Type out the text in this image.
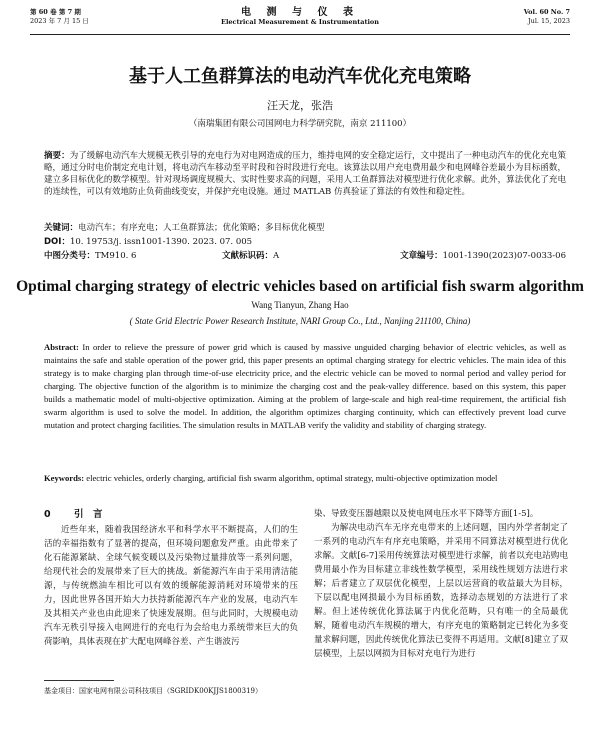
第 60 卷 第 7 期
2023 年 7 月 15 日
电 测 与 仪 表
Electrical Measurement & Instrumentation
Vol. 60 No. 7
Jul. 15, 2023
基于人工鱼群算法的电动汽车优化充电策略
汪天龙，张浩
（南瑞集团有限公司国网电力科学研究院，南京 211100）
摘要：为了缓解电动汽车大规模无秩引导的充电行为对电网造成的压力，维持电网的安全稳定运行，文中提出了一种电动汽车的优化充电策略，通过分时电价制定充电计划，将电动汽车移动至平时段和谷时段进行充电。该算法以用户充电费用最少和电网峰谷差最小为目标函数，建立多目标优化的数学模型。针对现场调度规模大、实时性要求高的问题，采用人工鱼群算法对模型进行优化求解。此外，算法优化了充电的连续性，可以有效地防止负荷曲线变安，并保护充电设施。通过 MATLAB 仿真验证了算法的有效性和稳定性。
关键词：电动汽车；有序充电；人工鱼群算法；优化策略；多目标优化模型
DOI：10. 19753/j. issn1001-1390. 2023. 07. 005
中图分类号：TM910. 6	文献标识码：A	文章编号：1001-1390(2023)07-0033-06
Optimal charging strategy of electric vehicles based on artificial fish swarm algorithm
Wang Tianyun, Zhang Hao
( State Grid Electric Power Research Institute, NARI Group Co., Ltd., Nanjing 211100, China)
Abstract: In order to relieve the pressure of power grid which is caused by massive unguided charging behavior of electric vehicles, as well as maintains the safe and stable operation of the power grid, this paper presents an optimal charging strategy for electric vehicles. The main idea of this strategy is to make charging plan through time-of-use electricity price, and the electric vehicle can be moved to normal period and valley period for charging. The objective function of the algorithm is to minimize the charging cost and the peak-valley difference. based on this system, this paper builds a mathematic model of multi-objective optimization. Aiming at the problem of large-scale and high real-time requirement, the artificial fish swarm algorithm is used to solve the model. In addition, the algorithm optimizes charging continuity, which can effectively prevent load curve mutation and protect charging facilities. The simulation results in MATLAB verify the validity and stability of charging strategy.
Keywords: electric vehicles, orderly charging, artificial fish swarm algorithm, optimal strategy, multi-objective optimization model
0 引　言

近些年来，随着我国经济水平和科学水平不断提高，人们的生活的幸福指数有了显著的提高，但环境问题愈发严重。由此带来了化石能源紧缺、全球气候变暖以及污染物过量排放等一系列问题，给现代社会的发展带来了巨大的挑战。新能源汽车由于采用清洁能源，与传统燃油车相比可以有效的缓解能源消耗对环境带来的压力，因此世界各国开始大力扶持新能源汽车产业的发展，电动汽车及其相关产业也由此迎来了快速发展期。但与此同时，大规模电动汽车无秩引导接入电网进行的充电行为会给电力系统带来巨大的负荷影响，具体表现在扩大配电网峰谷差、产生谐波污

染、导致变压器越限以及使电网电压水平下降等方面[1-5]。

为解决电动汽车无序充电带来的上述问题，国内外学者制定了一系列的电动汽车有序充电策略，并采用不同算法对模型进行优化求解。文献[6-7]采用传统算法对模型进行求解，前者以充电站购电费用最小作为目标建立非线性数学模型，采用线性规划方法进行求解；后者建立了双层优化模型，上层以运营商的收益最大为目标，下层以配电网损最小为目标函数，选择动态规划的方法进行了求解。但上述传统优化算法属于内优化范畴，只有唯一的全局最优解，随着电动汽车规模的增大，有序充电的策略制定已转化为多变量求解问题，因此传统优化算法已变得不再适用。文献[8]建立了双层模型，上层以网损为目标对充电行为进行

基金项目：国家电网有限公司科技项目（SGRIDK00KJJS1800319）
